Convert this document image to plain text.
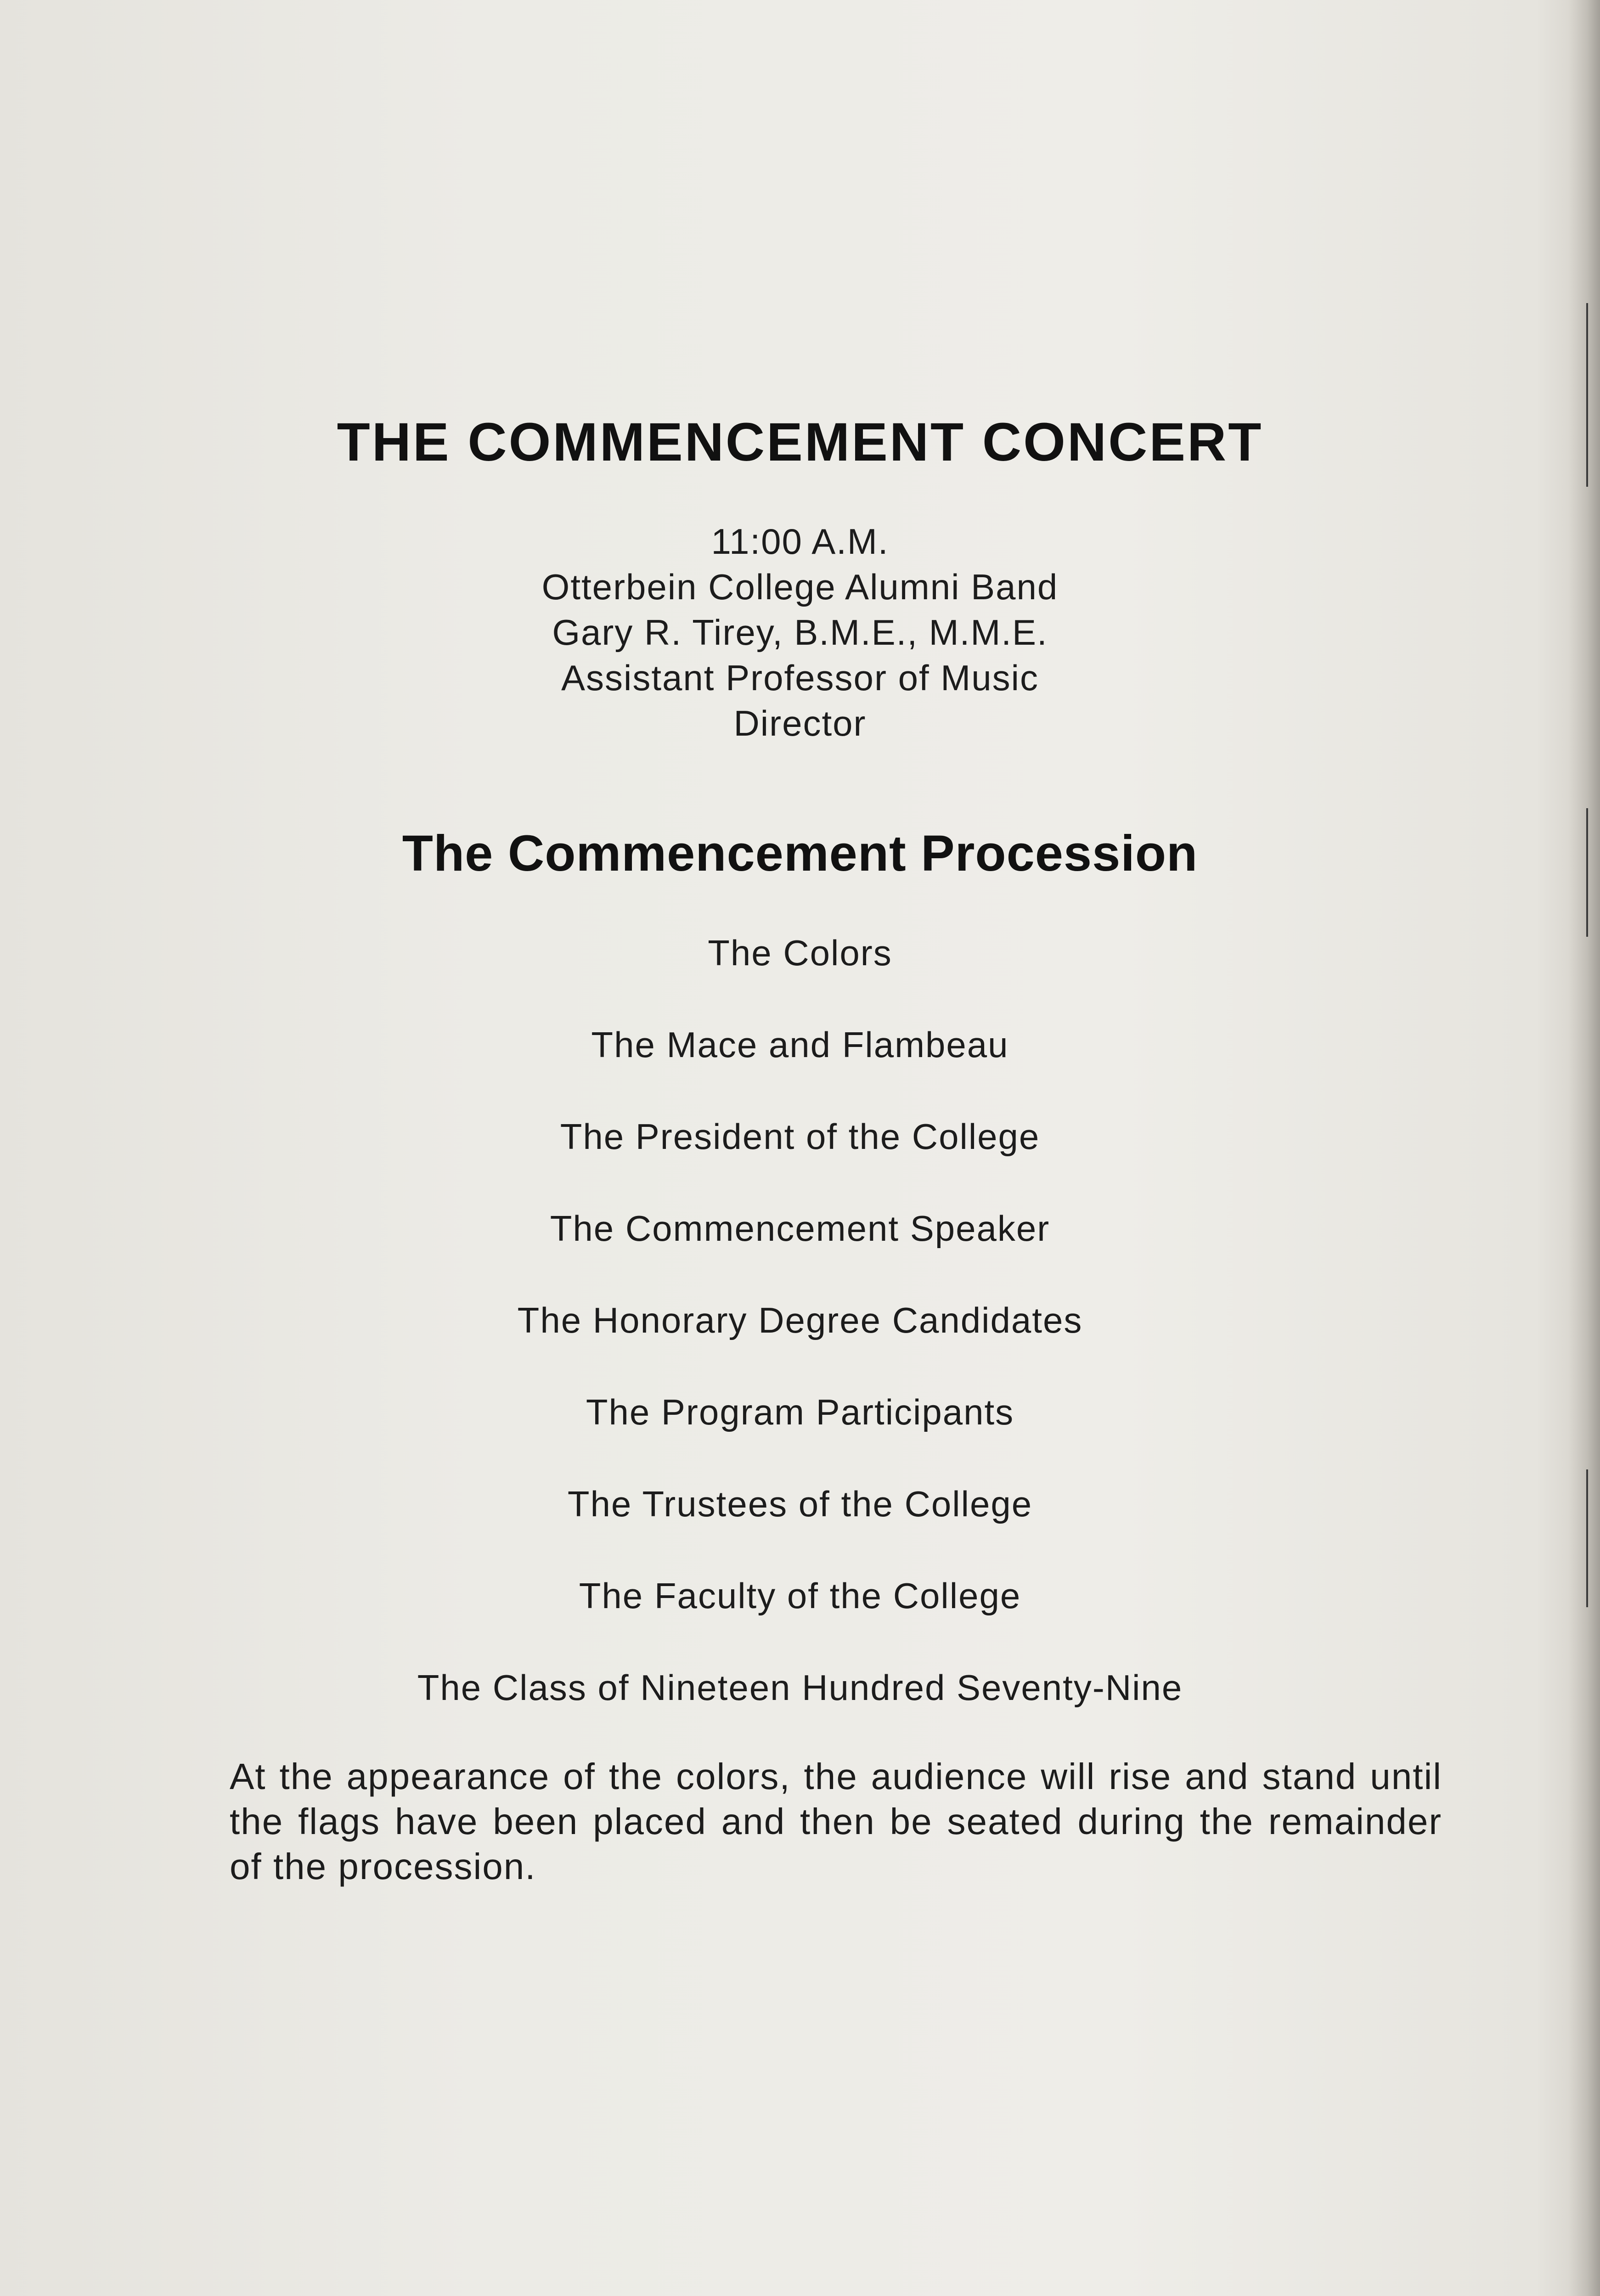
THE COMMENCEMENT CONCERT
11:00 A.M.
Otterbein College Alumni Band
Gary R. Tirey, B.M.E., M.M.E.
Assistant Professor of Music
Director
The Commencement Procession
The Colors
The Mace and Flambeau
The President of the College
The Commencement Speaker
The Honorary Degree Candidates
The Program Participants
The Trustees of the College
The Faculty of the College
The Class of Nineteen Hundred Seventy-Nine

At the appearance of the colors, the audience will rise and stand until the flags have been placed and then be seated during the remainder of the procession.
